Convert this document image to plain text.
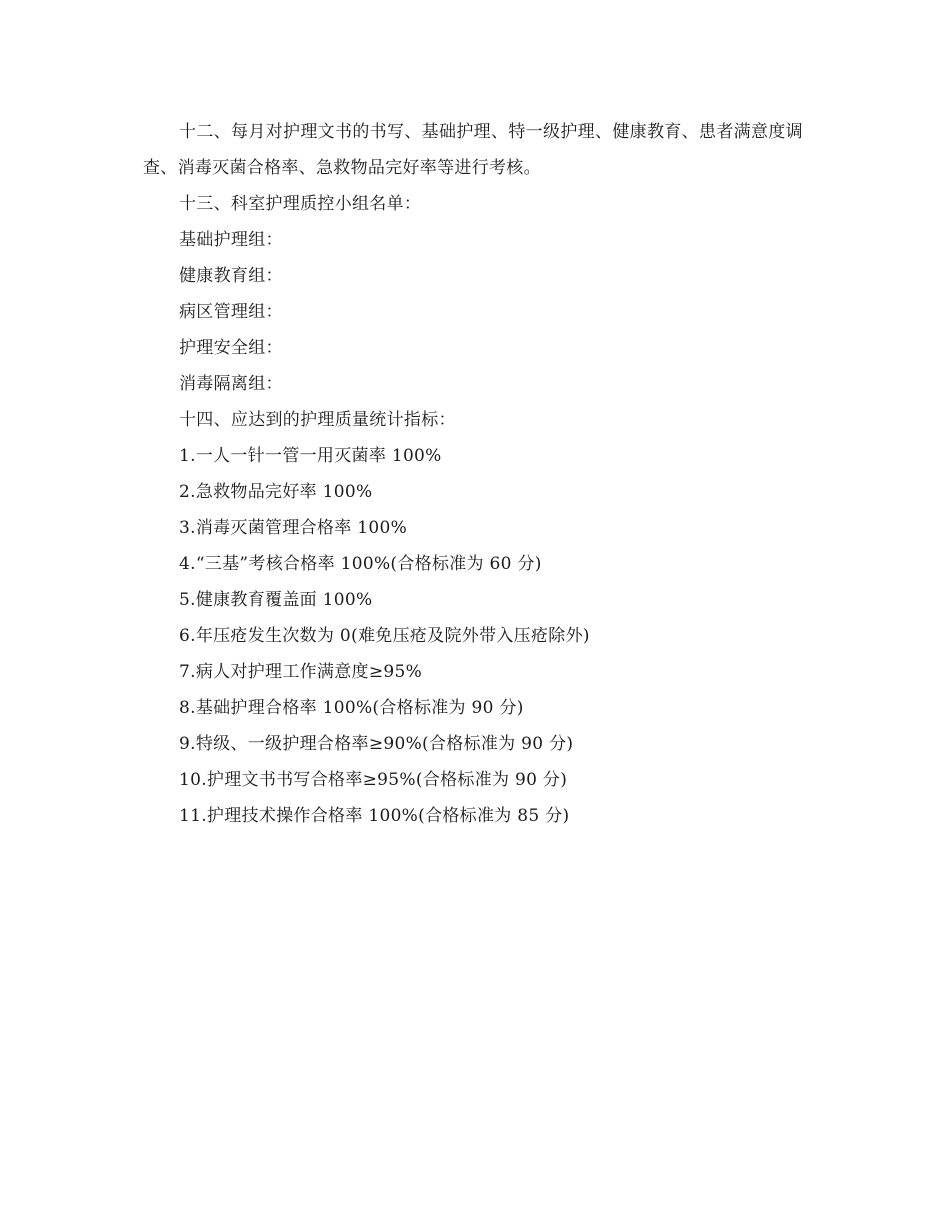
十二、每月对护理文书的书写、基础护理、特一级护理、健康教育、患者满意度调查、消毒灭菌合格率、急救物品完好率等进行考核。

十三、科室护理质控小组名单：

基础护理组：

健康教育组：

病区管理组：

护理安全组：

消毒隔离组：

十四、应达到的护理质量统计指标：

1.一人一针一管一用灭菌率 100%

2.急救物品完好率 100%

3.消毒灭菌管理合格率 100%

4.“三基”考核合格率 100%(合格标准为 60 分)

5.健康教育覆盖面 100%

6.年压疮发生次数为 0(难免压疮及院外带入压疮除外)

7.病人对护理工作满意度≥95%

8.基础护理合格率 100%(合格标准为 90 分)

9.特级、一级护理合格率≥90%(合格标准为 90 分)

10.护理文书书写合格率≥95%(合格标准为 90 分)

11.护理技术操作合格率 100%(合格标准为 85 分)
